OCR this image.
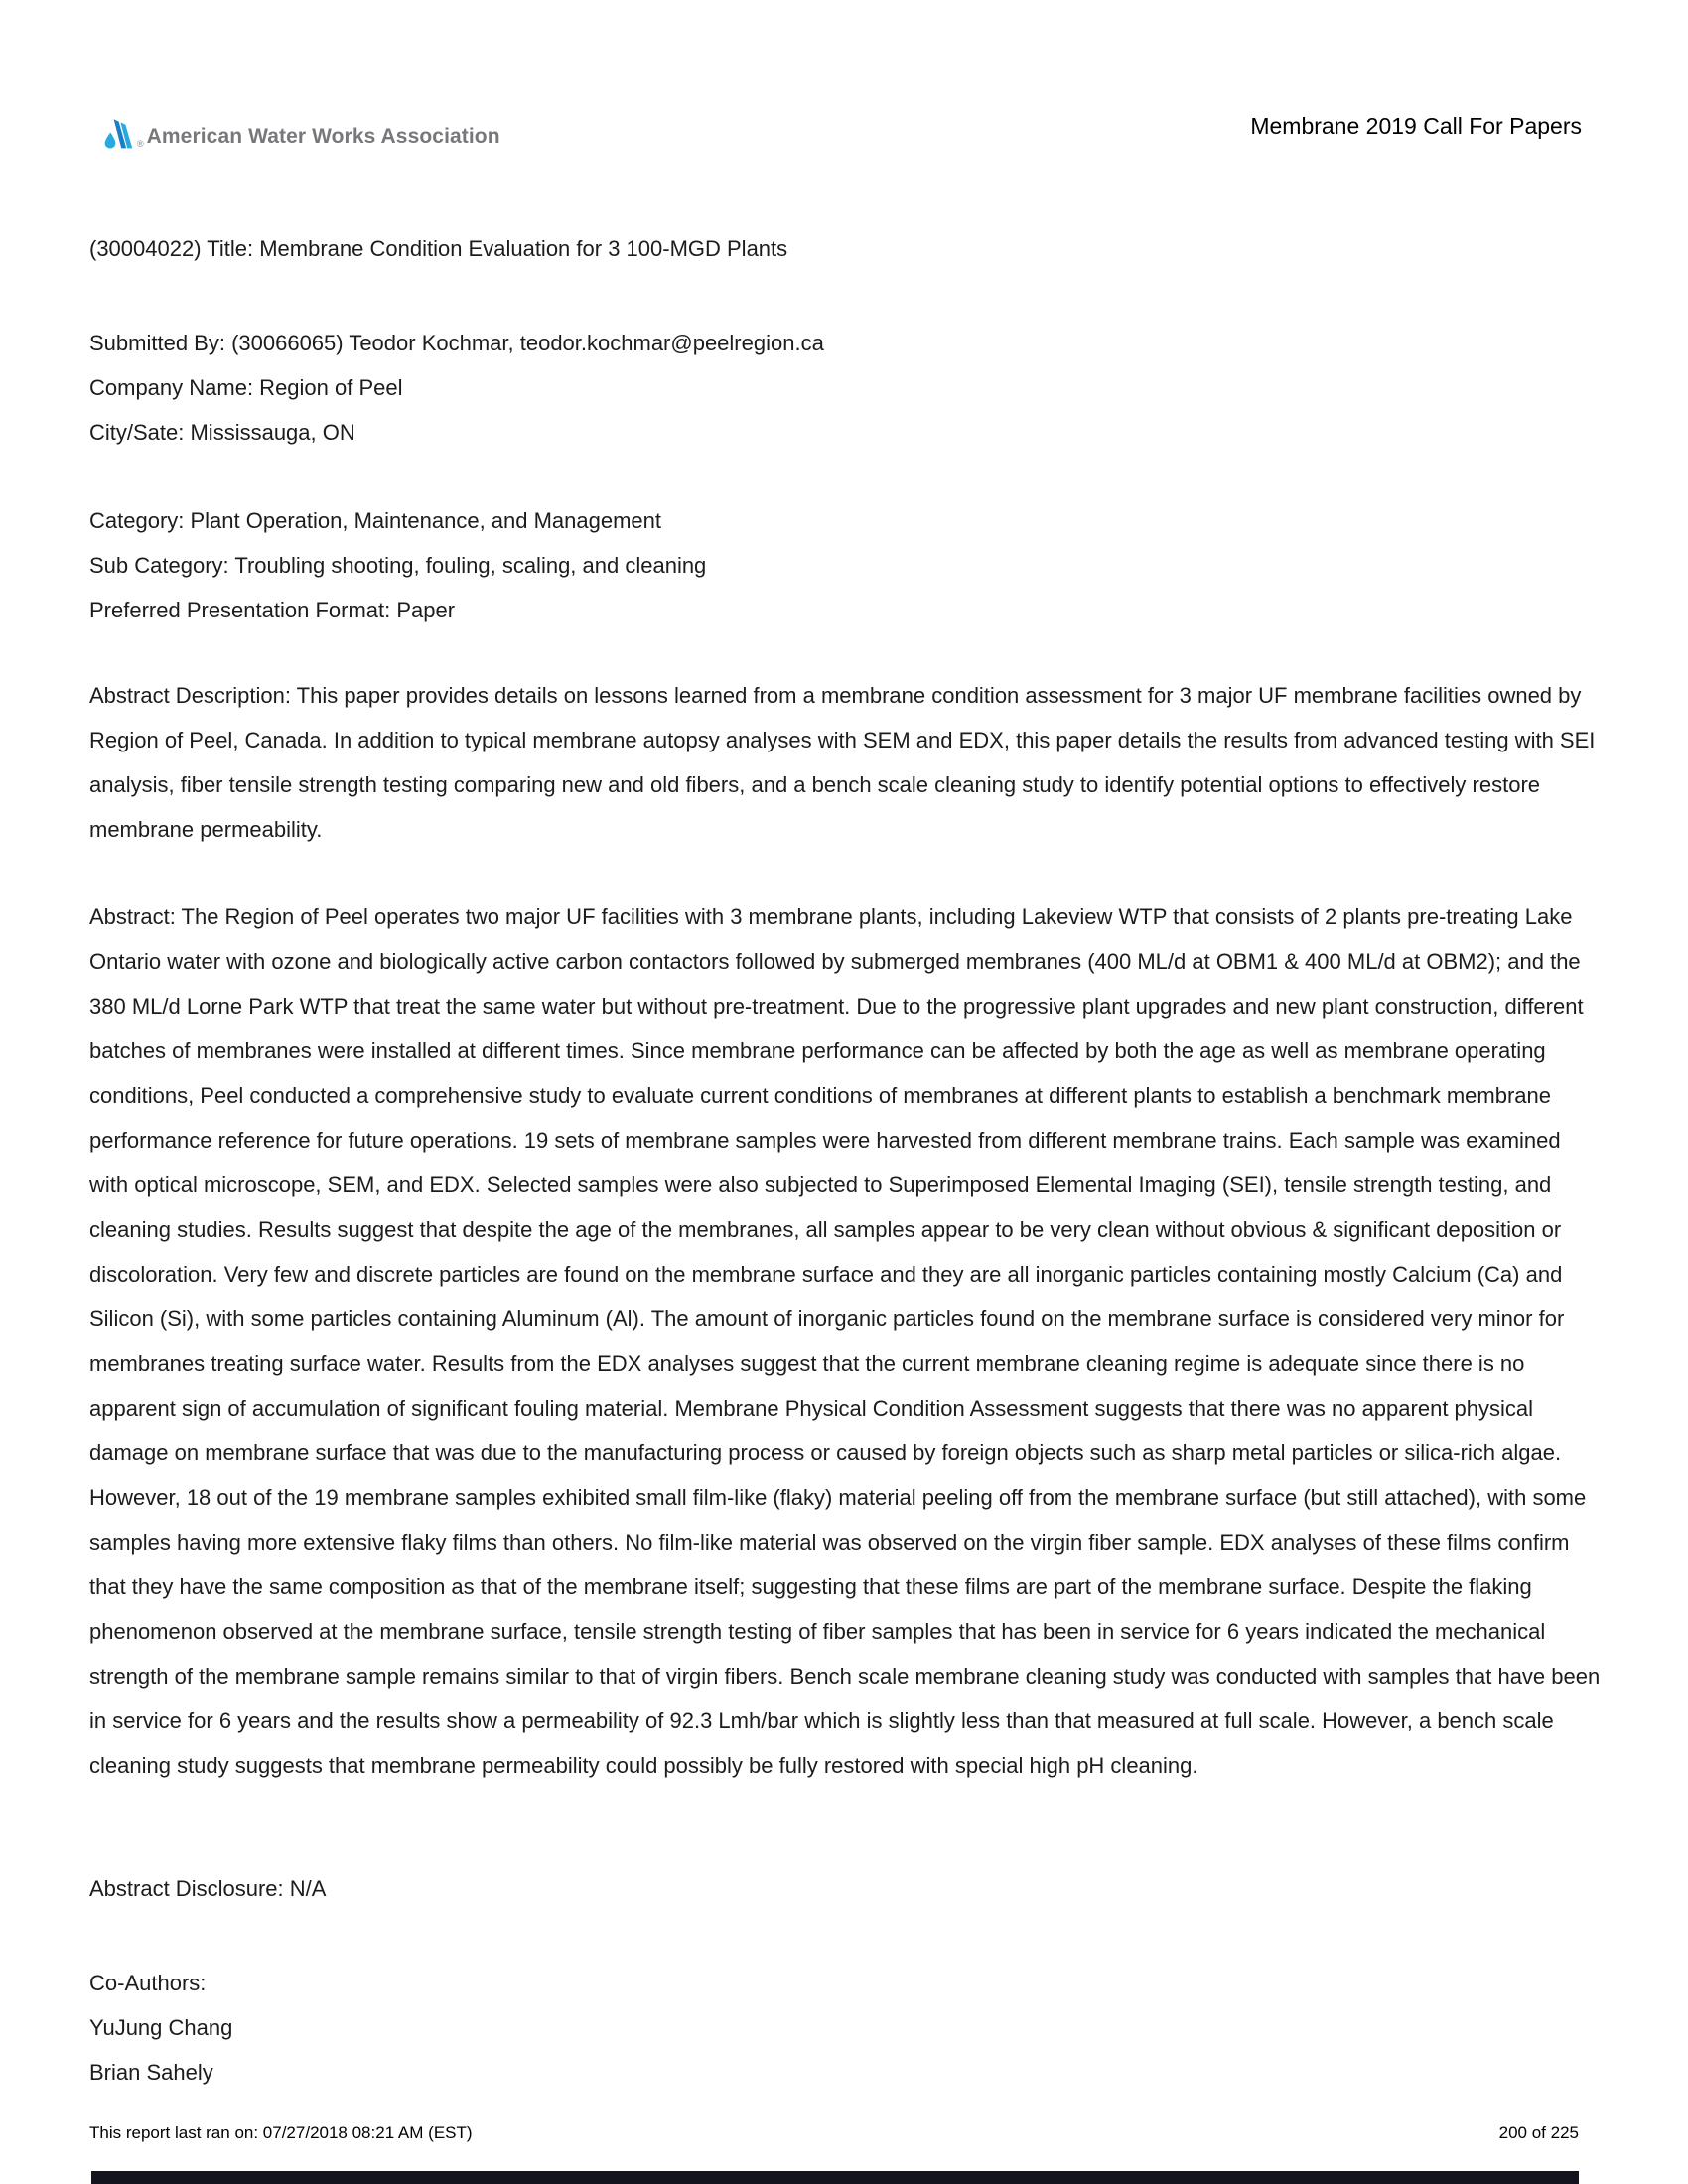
® American Water Works Association	Membrane 2019 Call For Papers
(30004022) Title: Membrane Condition Evaluation for 3 100-MGD Plants
Submitted By: (30066065) Teodor Kochmar, teodor.kochmar@peelregion.ca
Company Name: Region of Peel
City/Sate: Mississauga, ON
Category: Plant Operation, Maintenance, and Management
Sub Category: Troubling shooting, fouling, scaling, and cleaning
Preferred Presentation Format: Paper

Abstract Description: This paper provides details on lessons learned from a membrane condition assessment for 3 major UF membrane facilities owned by Region of Peel, Canada. In addition to typical membrane autopsy analyses with SEM and EDX, this paper details the results from advanced testing with SEI analysis, fiber tensile strength testing comparing new and old fibers, and a bench scale cleaning study to identify potential options to effectively restore membrane permeability.

Abstract: The Region of Peel operates two major UF facilities with 3 membrane plants, including Lakeview WTP that consists of 2 plants pre-treating Lake Ontario water with ozone and biologically active carbon contactors followed by submerged membranes (400 ML/d at OBM1 & 400 ML/d at OBM2); and the 380 ML/d Lorne Park WTP that treat the same water but without pre-treatment. Due to the progressive plant upgrades and new plant construction, different batches of membranes were installed at different times. Since membrane performance can be affected by both the age as well as membrane operating conditions, Peel conducted a comprehensive study to evaluate current conditions of membranes at different plants to establish a benchmark membrane performance reference for future operations. 19 sets of membrane samples were harvested from different membrane trains. Each sample was examined with optical microscope, SEM, and EDX. Selected samples were also subjected to Superimposed Elemental Imaging (SEI), tensile strength testing, and cleaning studies. Results suggest that despite the age of the membranes, all samples appear to be very clean without obvious & significant deposition or discoloration. Very few and discrete particles are found on the membrane surface and they are all inorganic particles containing mostly Calcium (Ca) and Silicon (Si), with some particles containing Aluminum (Al). The amount of inorganic particles found on the membrane surface is considered very minor for membranes treating surface water. Results from the EDX analyses suggest that the current membrane cleaning regime is adequate since there is no apparent sign of accumulation of significant fouling material. Membrane Physical Condition Assessment suggests that there was no apparent physical damage on membrane surface that was due to the manufacturing process or caused by foreign objects such as sharp metal particles or silica-rich algae. However, 18 out of the 19 membrane samples exhibited small film-like (flaky) material peeling off from the membrane surface (but still attached), with some samples having more extensive flaky films than others. No film-like material was observed on the virgin fiber sample. EDX analyses of these films confirm that they have the same composition as that of the membrane itself; suggesting that these films are part of the membrane surface. Despite the flaking phenomenon observed at the membrane surface, tensile strength testing of fiber samples that has been in service for 6 years indicated the mechanical strength of the membrane sample remains similar to that of virgin fibers. Bench scale membrane cleaning study was conducted with samples that have been in service for 6 years and the results show a permeability of 92.3 Lmh/bar which is slightly less than that measured at full scale. However, a bench scale cleaning study suggests that membrane permeability could possibly be fully restored with special high pH cleaning.

Abstract Disclosure: N/A
Co-Authors:
YuJung Chang
Brian Sahely
This report last ran on: 07/27/2018 08:21 AM (EST)	200 of 225
